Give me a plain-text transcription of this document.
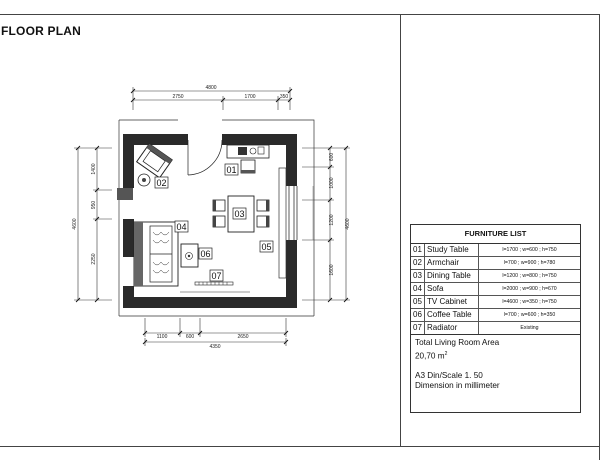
FLOOR PLAN
4800
2750	1700	350
4600
1400
950
2250
4600
600
1000
1200
1600
1100	600	2650
4350
01
02
03
04
05
06
07
FURNITURE LIST
01	Study Table	l=1700 ; w=600 ; h=750
02	Armchair	l=700 ; w=900 ; h=780
03	Dining Table	l=1200 ; w=800 ; h=750
04	Sofa	l=2000 ; w=900 ; h=670
05	TV Cabinet	l=4600 ; w=350 ; h=750
06	Coffee Table	l=700 ; w=600 ; h=350
07	Radiator	Existing
Total Living Room Area
20,70 $m^2$
A3 Din/Scale 1. 50
Dimension in millimeter
